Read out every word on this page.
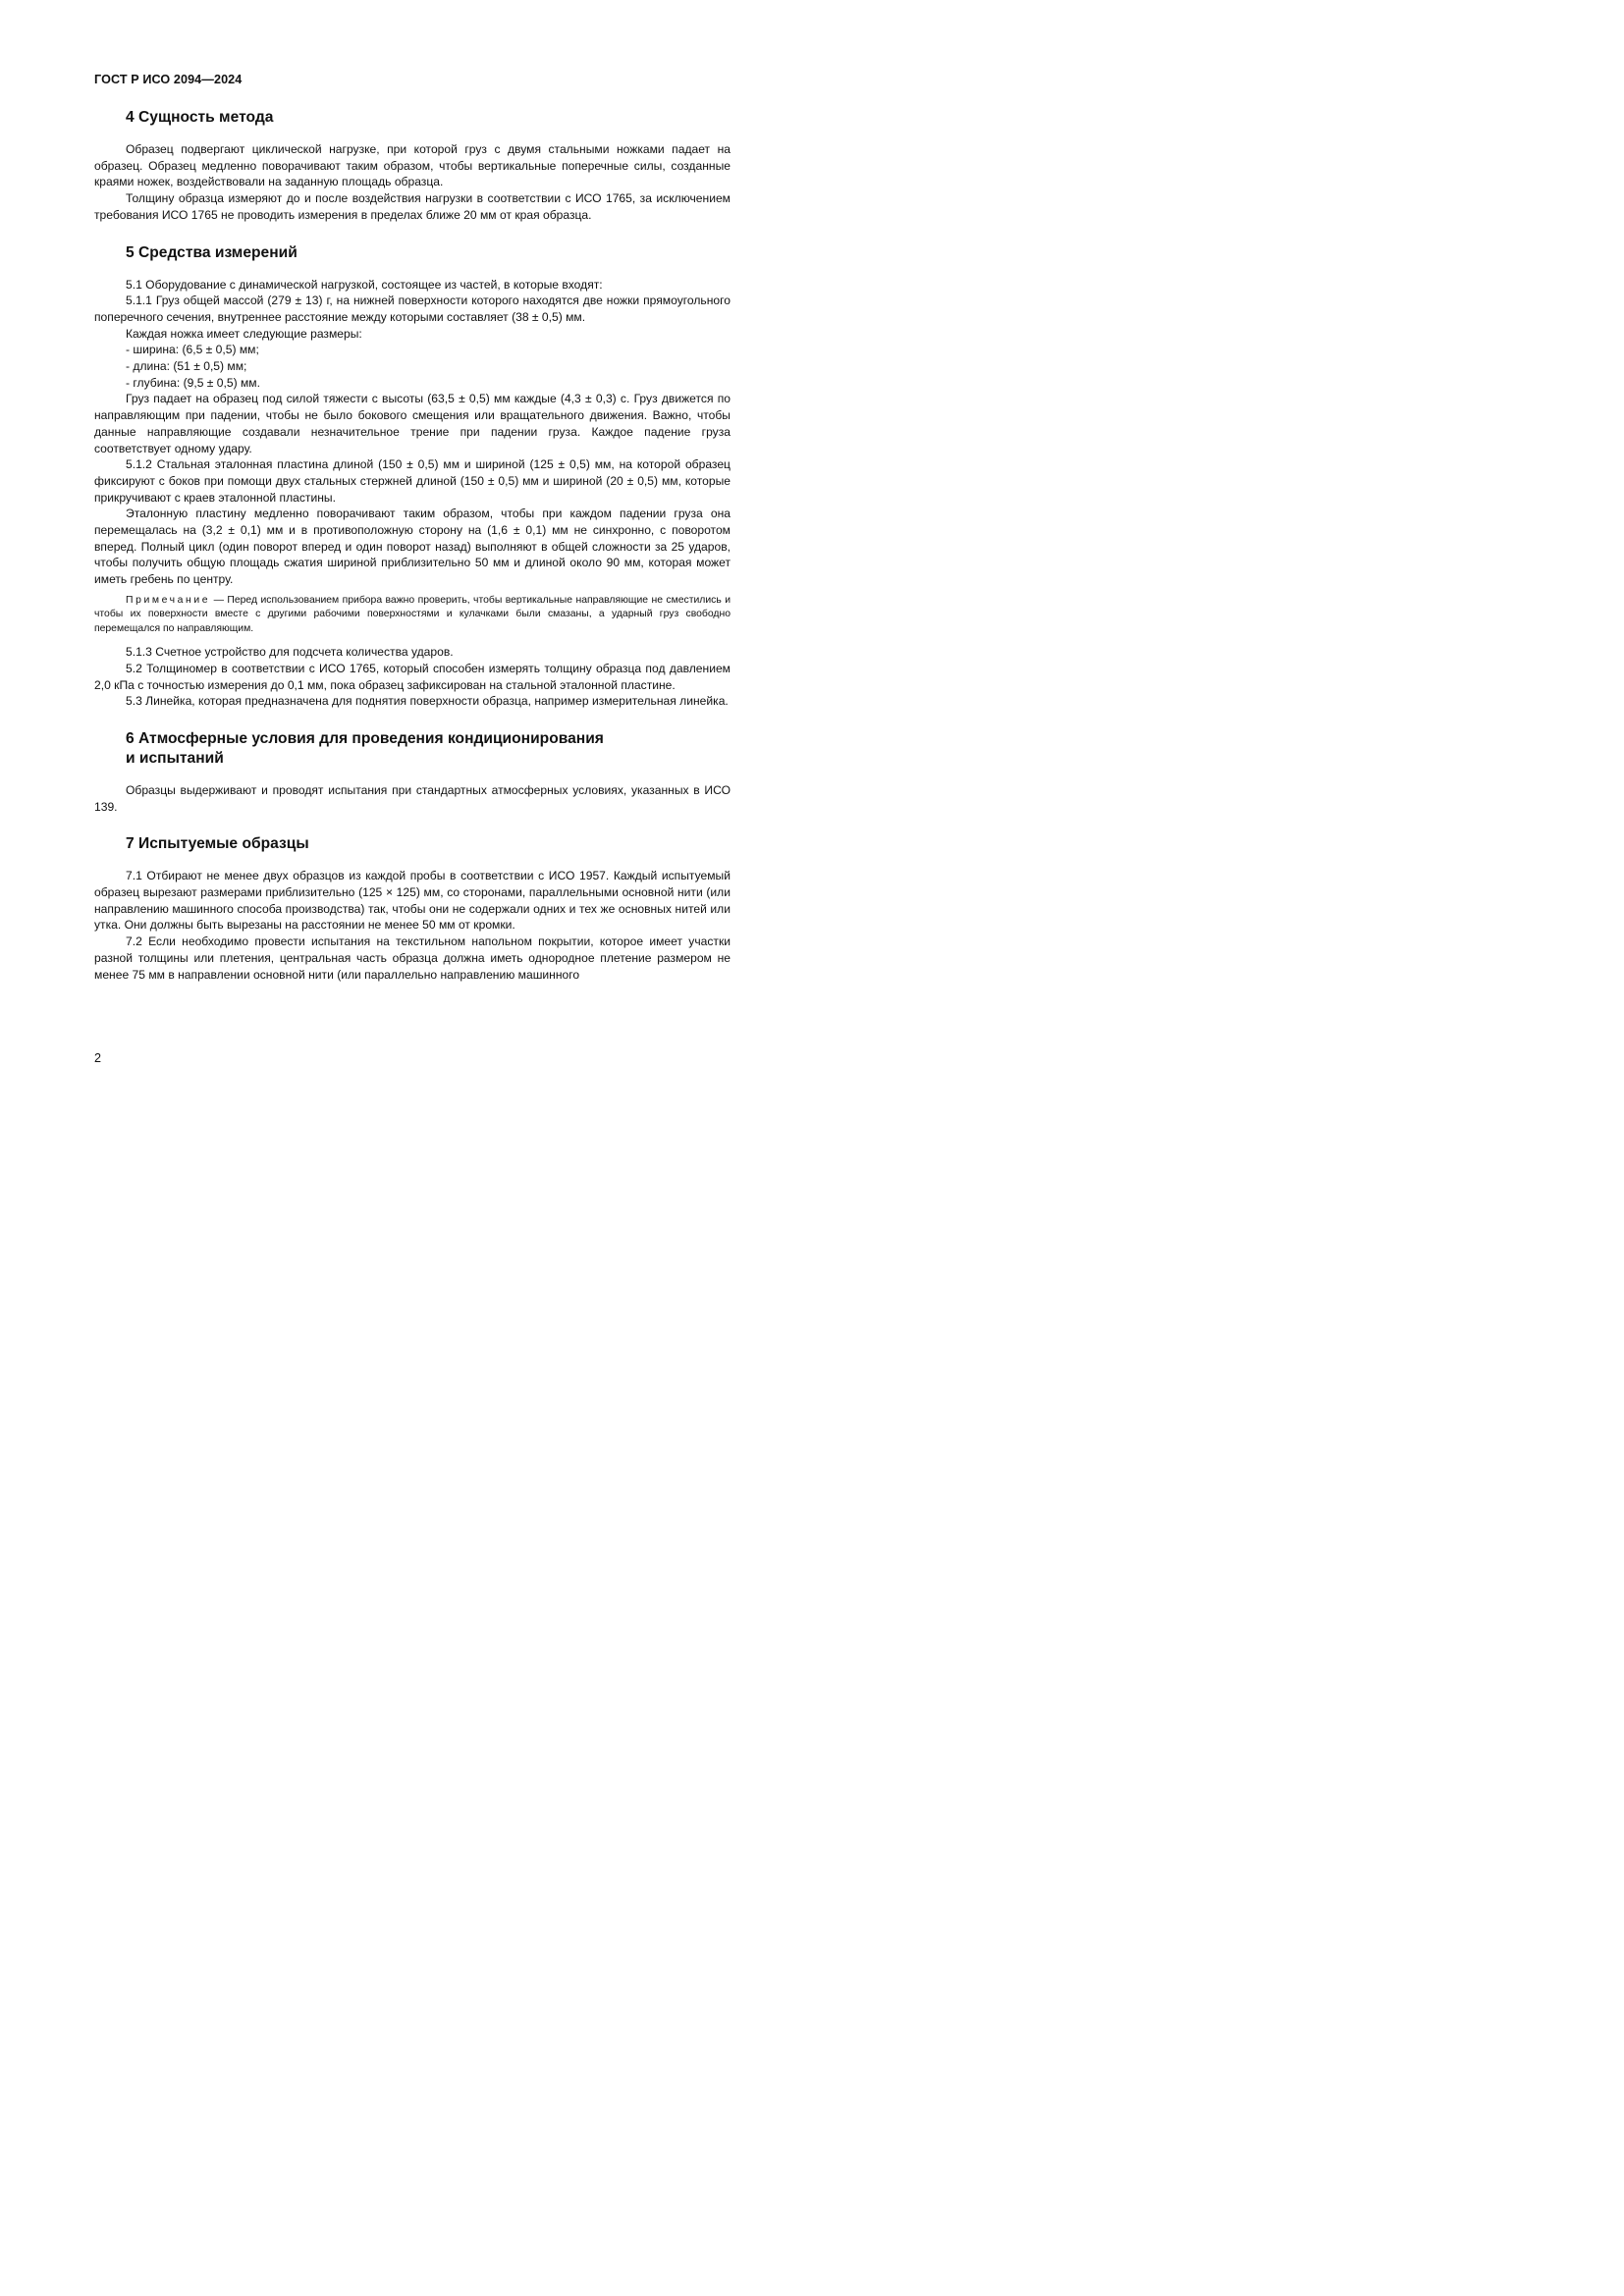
ГОСТ Р ИСО 2094—2024
4 Сущность метода

Образец подвергают циклической нагрузке, при которой груз с двумя стальными ножками падает на образец. Образец медленно поворачивают таким образом, чтобы вертикальные поперечные силы, созданные краями ножек, воздействовали на заданную площадь образца.

Толщину образца измеряют до и после воздействия нагрузки в соответствии с ИСО 1765, за исключением требования ИСО 1765 не проводить измерения в пределах ближе 20 мм от края образца.

5 Средства измерений

5.1 Оборудование с динамической нагрузкой, состоящее из частей, в которые входят:

5.1.1 Груз общей массой (279 ± 13) г, на нижней поверхности которого находятся две ножки прямоугольного поперечного сечения, внутреннее расстояние между которыми составляет (38 ± 0,5) мм.

Каждая ножка имеет следующие размеры:

- ширина: (6,5 ± 0,5) мм;
- длина: (51 ± 0,5) мм;
- глубина: (9,5 ± 0,5) мм.

Груз падает на образец под силой тяжести с высоты (63,5 ± 0,5) мм каждые (4,3 ± 0,3) с. Груз движется по направляющим при падении, чтобы не было бокового смещения или вращательного движения. Важно, чтобы данные направляющие создавали незначительное трение при падении груза. Каждое падение груза соответствует одному удару.

5.1.2 Стальная эталонная пластина длиной (150 ± 0,5) мм и шириной (125 ± 0,5) мм, на которой образец фиксируют с боков при помощи двух стальных стержней длиной (150 ± 0,5) мм и шириной (20 ± 0,5) мм, которые прикручивают с краев эталонной пластины.

Эталонную пластину медленно поворачивают таким образом, чтобы при каждом падении груза она перемещалась на (3,2 ± 0,1) мм и в противоположную сторону на (1,6 ± 0,1) мм не синхронно, с поворотом вперед. Полный цикл (один поворот вперед и один поворот назад) выполняют в общей сложности за 25 ударов, чтобы получить общую площадь сжатия шириной приблизительно 50 мм и длиной около 90 мм, которая может иметь гребень по центру.

Примечание — Перед использованием прибора важно проверить, чтобы вертикальные направляющие не сместились и чтобы их поверхности вместе с другими рабочими поверхностями и кулачками были смазаны, а ударный груз свободно перемещался по направляющим.

5.1.3 Счетное устройство для подсчета количества ударов.

5.2 Толщиномер в соответствии с ИСО 1765, который способен измерять толщину образца под давлением 2,0 кПа с точностью измерения до 0,1 мм, пока образец зафиксирован на стальной эталонной пластине.

5.3 Линейка, которая предназначена для поднятия поверхности образца, например измерительная линейка.

6 Атмосферные условия для проведения кондиционирования
и испытаний

Образцы выдерживают и проводят испытания при стандартных атмосферных условиях, указанных в ИСО 139.

7 Испытуемые образцы

7.1 Отбирают не менее двух образцов из каждой пробы в соответствии с ИСО 1957. Каждый испытуемый образец вырезают размерами приблизительно (125 × 125) мм, со сторонами, параллельными основной нити (или направлению машинного способа производства) так, чтобы они не содержали одних и тех же основных нитей или утка. Они должны быть вырезаны на расстоянии не менее 50 мм от кромки.

7.2 Если необходимо провести испытания на текстильном напольном покрытии, которое имеет участки разной толщины или плетения, центральная часть образца должна иметь однородное плетение размером не менее 75 мм в направлении основной нити (или параллельно направлению машинного

2
